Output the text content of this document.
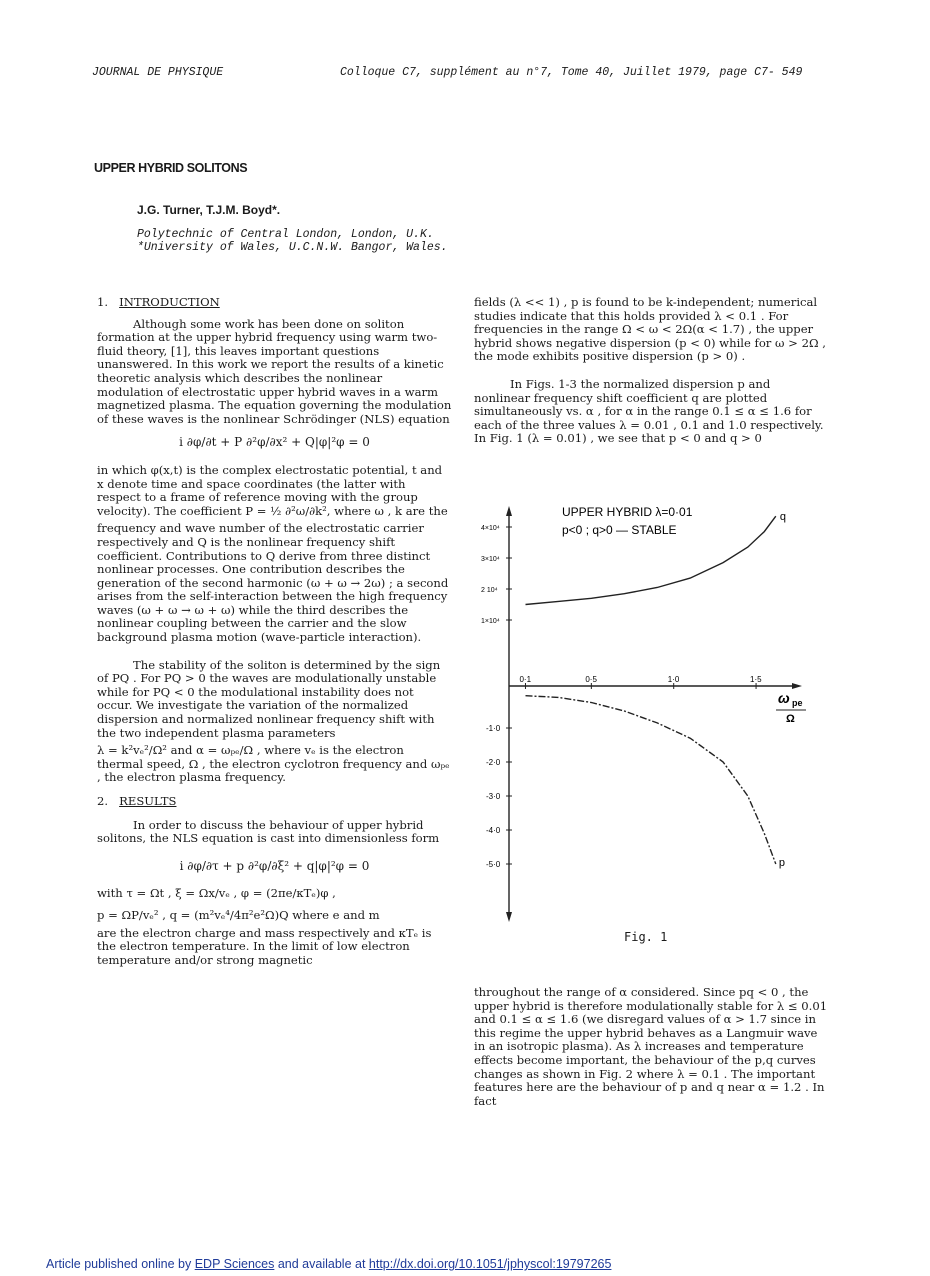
JOURNAL DE PHYSIQUE	Colloque C7, supplément au n°7, Tome 40, Juillet 1979, page C7- 549
UPPER HYBRID SOLITONS
J.G. Turner, T.J.M. Boyd*.
Polytechnic of Central London, London, U.K.
*University of Wales, U.C.N.W. Bangor, Wales.
1. INTRODUCTION

Although some work has been done on soliton formation at the upper hybrid frequency using warm two-fluid theory, [1], this leaves important questions unanswered. In this work we report the results of a kinetic theoretic analysis which describes the nonlinear modulation of electrostatic upper hybrid waves in a warm magnetized plasma. The equation governing the modulation of these waves is the nonlinear Schrödinger (NLS) equation

i ∂φ/∂t + P ∂²φ/∂x² + Q|φ|²φ = 0

in which φ(x,t) is the complex electrostatic potential, t and x denote time and space coordinates (the latter with respect to a frame of reference moving with the group velocity). The coefficient P = ½ ∂²ω/∂k², where ω , k are the

frequency and wave number of the electrostatic carrier respectively and Q is the nonlinear frequency shift coefficient. Contributions to Q derive from three distinct nonlinear processes. One contribution describes the generation of the second harmonic (ω + ω → 2ω) ; a second arises from the self-interaction between the high frequency waves (ω + ω → ω + ω) while the third describes the nonlinear coupling between the carrier and the slow background plasma motion (wave-particle interaction).

The stability of the soliton is determined by the sign of PQ . For PQ > 0 the waves are modulationally unstable while for PQ < 0 the modulational instability does not occur. We investigate the variation of the normalized dispersion and normalized nonlinear frequency shift with the two independent plasma parameters

λ = k²vₑ²/Ω² and α = ωₚₑ/Ω , where vₑ is the electron thermal speed, Ω , the electron cyclotron frequency and ωₚₑ , the electron plasma frequency.

2. RESULTS

In order to discuss the behaviour of upper hybrid solitons, the NLS equation is cast into dimensionless form

i ∂φ/∂τ + p ∂²φ/∂ξ² + q|φ|²φ = 0

with τ = Ωt , ξ = Ωx/vₑ , φ = (2πe/κTₑ)φ ,

p = ΩP/vₑ² , q = (m²vₑ⁴/4π²e²Ω)Q where e and m

are the electron charge and mass respectively and κTₑ is the electron temperature. In the limit of low electron temperature and/or strong magnetic

fields (λ << 1) , p is found to be k-independent; numerical studies indicate that this holds provided λ < 0.1 . For frequencies in the range Ω < ω < 2Ω(α < 1.7) , the upper hybrid shows negative dispersion (p < 0) while for ω > 2Ω , the mode exhibits positive dispersion (p > 0) .

In Figs. 1-3 the normalized dispersion p and nonlinear frequency shift coefficient q are plotted simultaneously vs. α , for α in the range 0.1 ≤ α ≤ 1.6 for each of the three values λ = 0.01 , 0.1 and 1.0 respectively. In Fig. 1 (λ = 0.01) , we see that p < 0 and q > 0

UPPER HYBRID λ=0·01
p<0 ; q>0 — STABLE
1×10⁴
2 10⁴
3×10⁴
4×10⁴
-1·0
-2·0
-3·0
-4·0
-5·0
0·1	0·5	1·0	1·5
q
p
ω pe
Ω
Fig. 1

throughout the range of α considered. Since pq < 0 , the upper hybrid is therefore modulationally stable for λ ≤ 0.01 and 0.1 ≤ α ≤ 1.6 (we disregard values of α > 1.7 since in this regime the upper hybrid behaves as a Langmuir wave in an isotropic plasma). As λ increases and temperature effects become important, the behaviour of the p,q curves changes as shown in Fig. 2 where λ = 0.1 . The important features here are the behaviour of p and q near α = 1.2 . In fact

Article published online by EDP Sciences and available at http://dx.doi.org/10.1051/jphyscol:19797265
